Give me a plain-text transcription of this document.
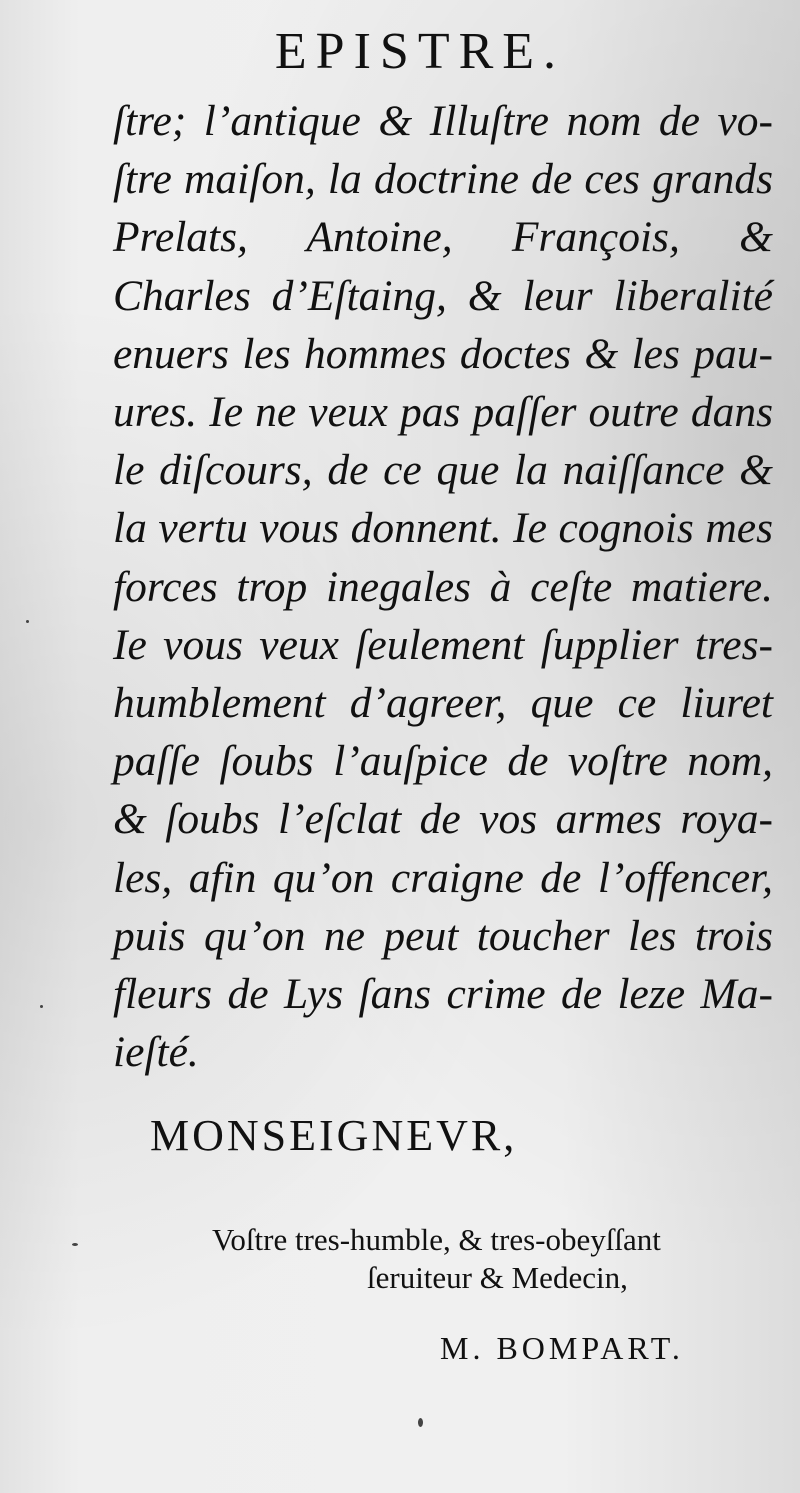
EPISTRE.
ſtre; l’antique & Illuſtre nom de vo-
ſtre maiſon, la doctrine de ces grands
Prelats, Antoine, François, &
Charles d’Eſtaing, & leur liberalité
enuers les hommes doctes & les pau-
ures. Ie ne veux pas paſſer outre dans
le diſcours, de ce que la naiſſance &
la vertu vous donnent. Ie cognois mes
forces trop inegales à ceſte matiere.
Ie vous veux ſeulement ſupplier tres-
humblement d’agreer, que ce liuret
paſſe ſoubs l’auſpice de voſtre nom,
& ſoubs l’eſclat de vos armes roya-
les, afin qu’on craigne de l’offencer,
puis qu’on ne peut toucher les trois
fleurs de Lys ſans crime de leze Ma-
ieſté.
MONSEIGNEVR,
Voſtre tres-humble, & tres-obeyſſant
ſeruiteur & Medecin,
M. BOMPART.
